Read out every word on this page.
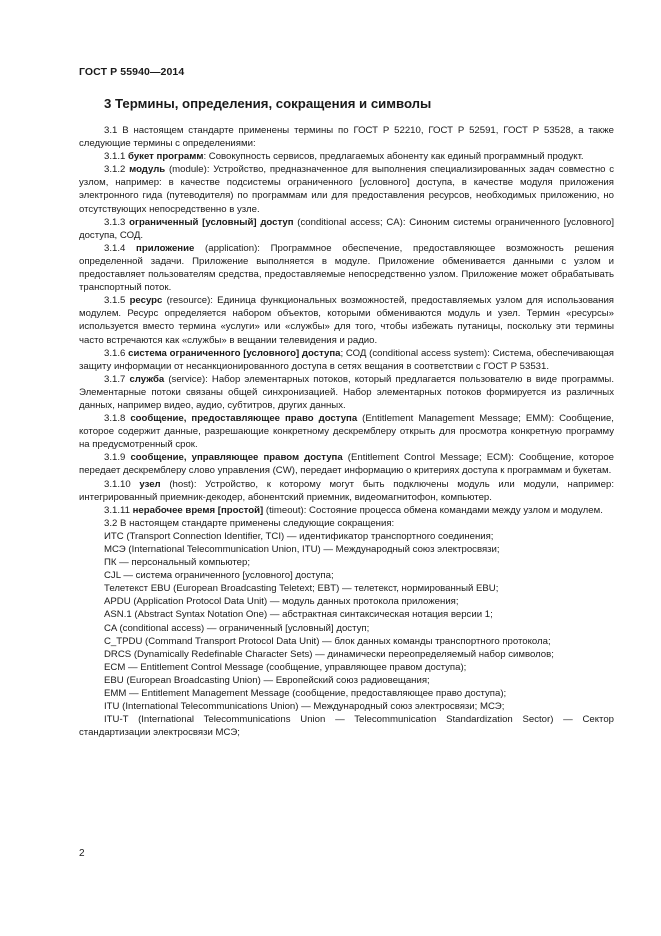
ГОСТ Р 55940—2014
3 Термины, определения, сокращения и символы

3.1 В настоящем стандарте применены термины по ГОСТ Р 52210, ГОСТ Р 52591, ГОСТ Р 53528, а также следующие термины с определениями:

3.1.1 букет программ: Совокупность сервисов, предлагаемых абоненту как единый программный продукт.

3.1.2 модуль (module): Устройство, предназначенное для выполнения специализированных задач совместно с узлом, например: в качестве подсистемы ограниченного [условного] доступа, в качестве модуля приложения электронного гида (путеводителя) по программам или для предоставления ресурсов, необходимых приложению, но отсутствующих непосредственно в узле.

3.1.3 ограниченный [условный] доступ (conditional access; CA): Синоним системы ограниченного [условного] доступа, СОД.

3.1.4 приложение (application): Программное обеспечение, предоставляющее возможность решения определенной задачи. Приложение выполняется в модуле. Приложение обменивается данными с узлом и предоставляет пользователям средства, предоставляемые непосредственно узлом. Приложение может обрабатывать транспортный поток.

3.1.5 ресурс (resource): Единица функциональных возможностей, предоставляемых узлом для использования модулем. Ресурс определяется набором объектов, которыми обмениваются модуль и узел. Термин «ресурсы» используется вместо термина «услуги» или «службы» для того, чтобы избежать путаницы, поскольку эти термины часто встречаются как «службы» в вещании телевидения и радио.

3.1.6 система ограниченного [условного] доступа; СОД (conditional access system): Система, обеспечивающая защиту информации от несанкционированного доступа в сетях вещания в соответствии с ГОСТ Р 53531.

3.1.7 служба (service): Набор элементарных потоков, который предлагается пользователю в виде программы. Элементарные потоки связаны общей синхронизацией. Набор элементарных потоков формируется из различных данных, например видео, аудио, субтитров, других данных.

3.1.8 сообщение, предоставляющее право доступа (Entitlement Management Message; EMM): Сообщение, которое содержит данные, разрешающие конкретному дескремблеру открыть для просмотра конкретную программу на предусмотренный срок.

3.1.9 сообщение, управляющее правом доступа (Entitlement Control Message; ECM): Сообщение, которое передает дескремблеру слово управления (CW), передает информацию о критериях доступа к программам и букетам.

3.1.10 узел (host): Устройство, к которому могут быть подключены модуль или модули, например: интегрированный приемник-декодер, абонентский приемник, видеомагнитофон, компьютер.

3.1.11 нерабочее время [простой] (timeout): Состояние процесса обмена командами между узлом и модулем.

3.2 В настоящем стандарте применены следующие сокращения:

ИТС (Transport Connection Identifier, TCI) — идентификатор транспортного соединения;

МСЭ (International Telecommunication Union, ITU) — Международный союз электросвязи;

ПК — персональный компьютер;

CJL — система ограниченного [условного] доступа;

Телетекст EBU (European Broadcasting Teletext; EBT) — телетекст, нормированный EBU;

APDU (Application Protocol Data Unit) — модуль данных протокола приложения;

ASN.1 (Abstract Syntax Notation One) — абстрактная синтаксическая нотация версии 1;

CA (conditional access) — ограниченный [условный] доступ;

C_TPDU (Command Transport Protocol Data Unit) — блок данных команды транспортного протокола;

DRCS (Dynamically Redefinable Character Sets) — динамически переопределяемый набор символов;

ECM — Entitlement Control Message (сообщение, управляющее правом доступа);

EBU (European Broadcasting Union) — Европейский союз радиовещания;

EMM — Entitlement Management Message (сообщение, предоставляющее право доступа);

ITU (International Telecommunications Union) — Международный союз электросвязи; МСЭ;

ITU-T (International Telecommunications Union — Telecommunication Standardization Sector) — Сектор стандартизации электросвязи МСЭ;

2
